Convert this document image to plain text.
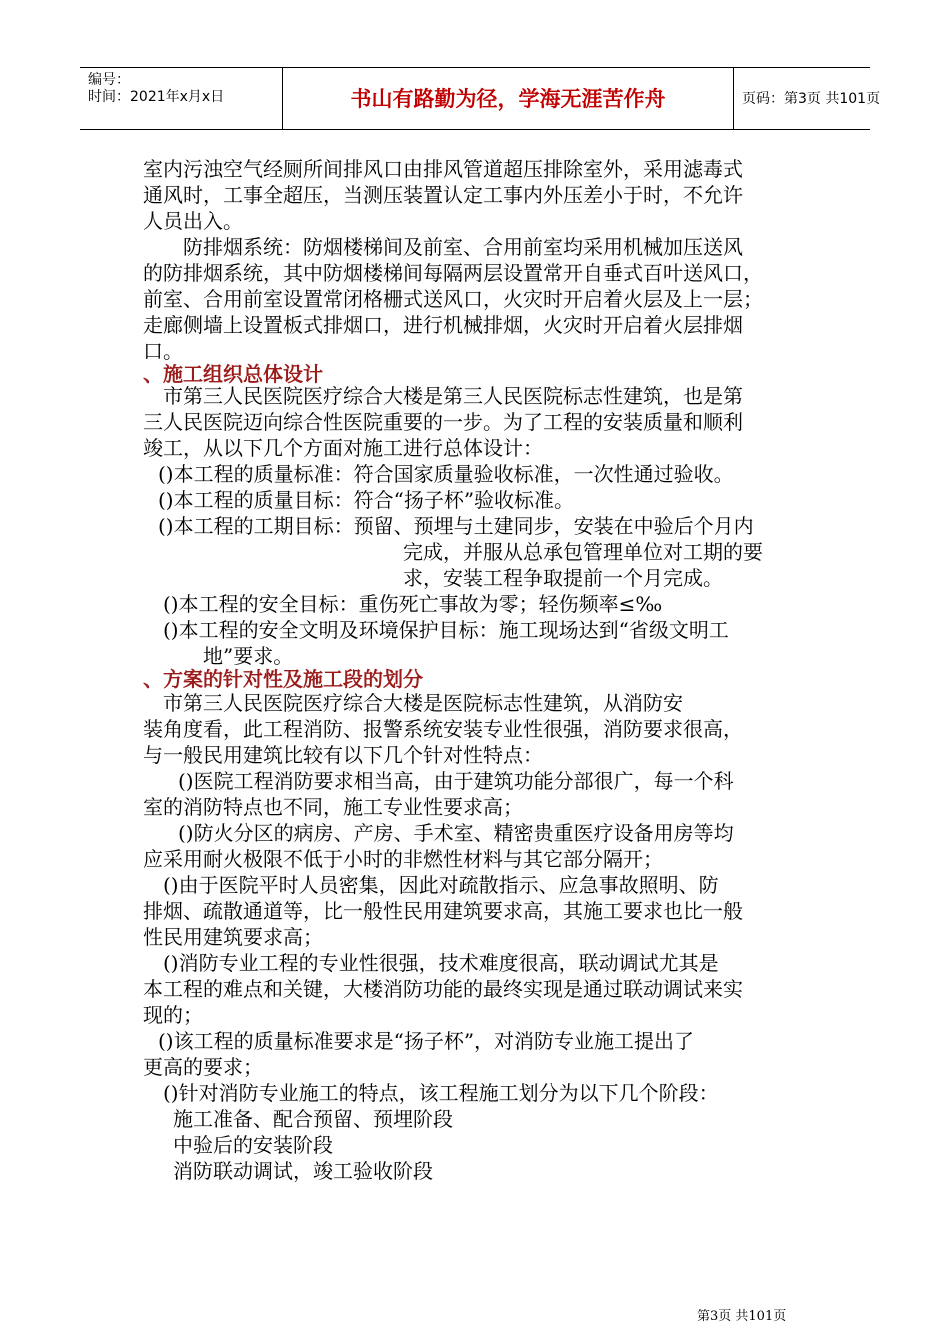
编号：
时间：2021年x月x日	书山有路勤为径，学海无涯苦作舟	页码：第3页 共101页
室内污浊空气经厕所间排风口由排风管道超压排除室外，采用滤毒式
通风时，工事全超压，当测压装置认定工事内外压差小于时，不允许
人员出入。
防排烟系统：防烟楼梯间及前室、合用前室均采用机械加压送风
的防排烟系统，其中防烟楼梯间每隔两层设置常开自垂式百叶送风口，
前室、合用前室设置常闭格栅式送风口，火灾时开启着火层及上一层；
走廊侧墙上设置板式排烟口，进行机械排烟，火灾时开启着火层排烟
口。
、施工组织总体设计
市第三人民医院医疗综合大楼是第三人民医院标志性建筑，也是第
三人民医院迈向综合性医院重要的一步。为了工程的安装质量和顺利
竣工，从以下几个方面对施工进行总体设计：
()本工程的质量标准：符合国家质量验收标准，一次性通过验收。
()本工程的质量目标：符合“扬子杯”验收标准。
()本工程的工期目标：预留、预埋与土建同步，安装在中验后个月内
完成，并服从总承包管理单位对工期的要
求，安装工程争取提前一个月完成。
()本工程的安全目标：重伤死亡事故为零；轻伤频率≤‰
()本工程的安全文明及环境保护目标：施工现场达到“省级文明工
地”要求。
、方案的针对性及施工段的划分
市第三人民医院医疗综合大楼是医院标志性建筑，从消防安
装角度看，此工程消防、报警系统安装专业性很强，消防要求很高，
与一般民用建筑比较有以下几个针对性特点：
()医院工程消防要求相当高，由于建筑功能分部很广，每一个科
室的消防特点也不同，施工专业性要求高；
()防火分区的病房、产房、手术室、精密贵重医疗设备用房等均
应采用耐火极限不低于小时的非燃性材料与其它部分隔开；
()由于医院平时人员密集，因此对疏散指示、应急事故照明、防
排烟、疏散通道等，比一般性民用建筑要求高，其施工要求也比一般
性民用建筑要求高；
()消防专业工程的专业性很强，技术难度很高，联动调试尤其是
本工程的难点和关键，大楼消防功能的最终实现是通过联动调试来实
现的；
()该工程的质量标准要求是“扬子杯”，对消防专业施工提出了
更高的要求；
()针对消防专业施工的特点，该工程施工划分为以下几个阶段：
施工准备、配合预留、预埋阶段
中验后的安装阶段
消防联动调试，竣工验收阶段
第3页 共101页
